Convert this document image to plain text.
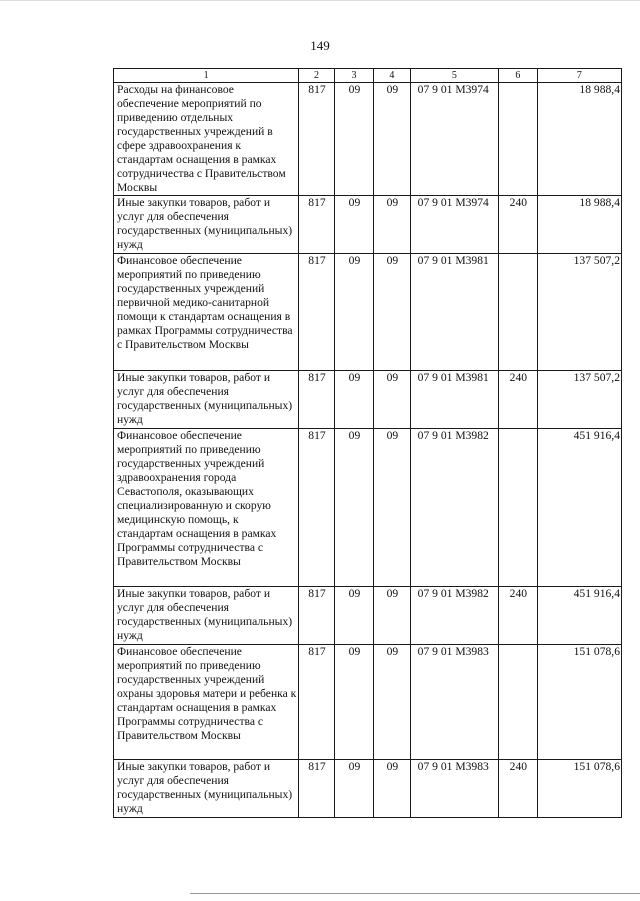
149
1	2	3	4	5	6	7
Расходы на финансовое обеспечение мероприятий по приведению отдельных государственных учреждений в сфере здравоохранения к стандартам оснащения в рамках сотрудничества с Правительством Москвы	817	09	09	07 9 01 М3974		18 988,4
Иные закупки товаров, работ и услуг для обеспечения государственных (муниципальных) нужд	817	09	09	07 9 01 М3974	240	18 988,4
Финансовое обеспечение мероприятий по приведению государственных учреждений первичной медико-санитарной помощи к стандартам оснащения в рамках Программы сотрудничества с Правительством Москвы	817	09	09	07 9 01 М3981		137 507,2
Иные закупки товаров, работ и услуг для обеспечения государственных (муниципальных) нужд	817	09	09	07 9 01 М3981	240	137 507,2
Финансовое обеспечение мероприятий по приведению государственных учреждений здравоохранения города Севастополя, оказывающих специализированную и скорую медицинскую помощь, к стандартам оснащения в рамках Программы сотрудничества с Правительством Москвы	817	09	09	07 9 01 М3982		451 916,4
Иные закупки товаров, работ и услуг для обеспечения государственных (муниципальных) нужд	817	09	09	07 9 01 М3982	240	451 916,4
Финансовое обеспечение мероприятий по приведению государственных учреждений охраны здоровья матери и ребенка к стандартам оснащения в рамках Программы сотрудничества с Правительством Москвы	817	09	09	07 9 01 М3983		151 078,6
Иные закупки товаров, работ и услуг для обеспечения государственных (муниципальных) нужд	817	09	09	07 9 01 М3983	240	151 078,6
